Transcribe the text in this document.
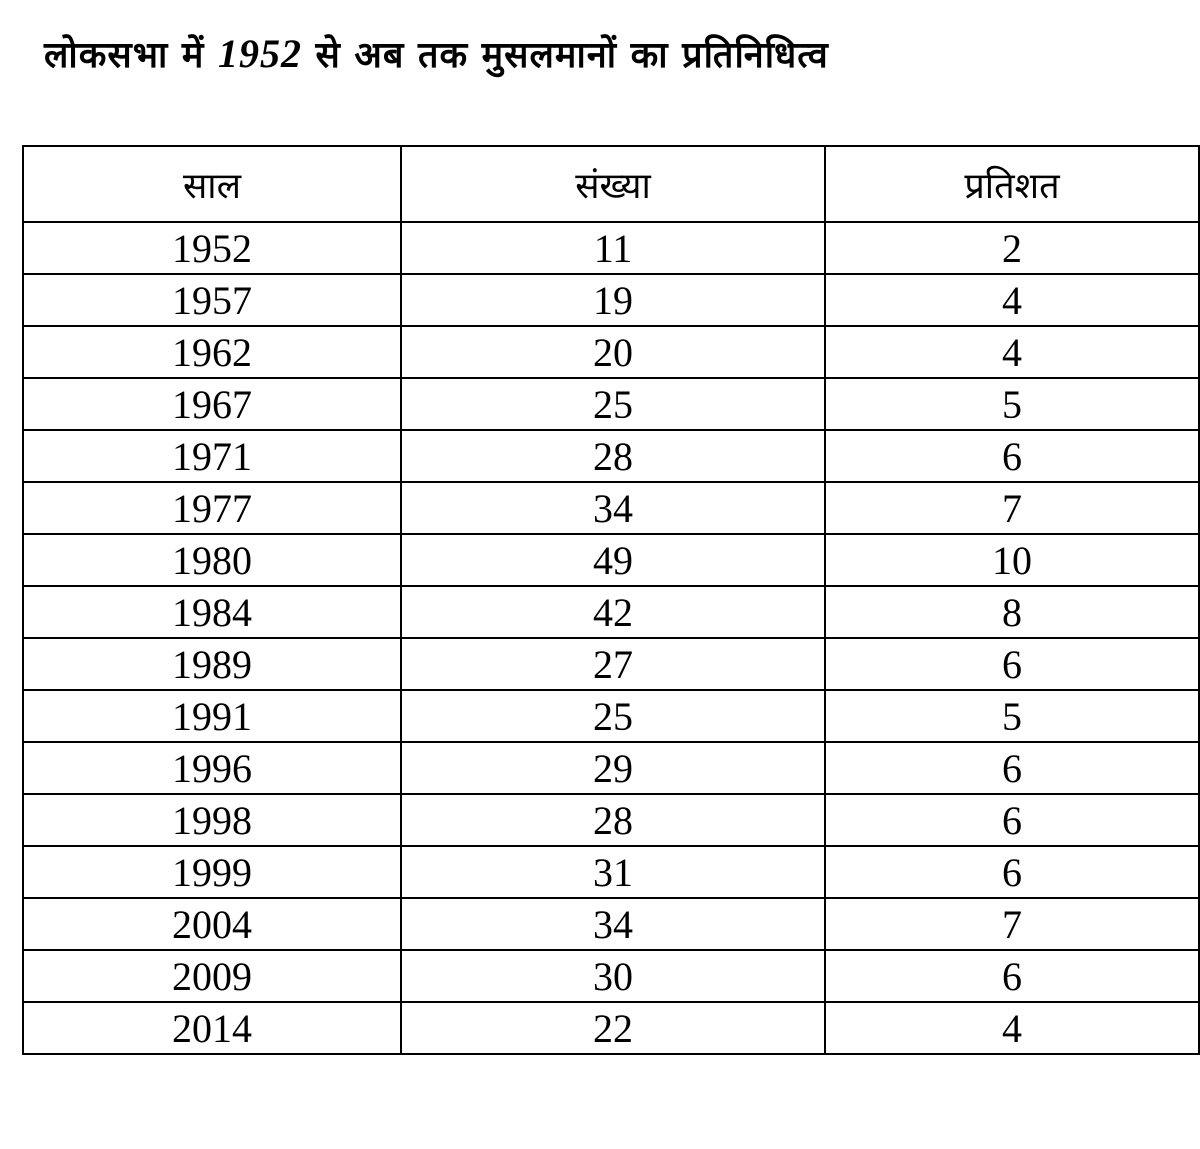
लोकसभा में 1952 से अब तक मुसलमानों का प्रतिनिधित्व
साल	संख्या	प्रतिशत
1952	11	2
1957	19	4
1962	20	4
1967	25	5
1971	28	6
1977	34	7
1980	49	10
1984	42	8
1989	27	6
1991	25	5
1996	29	6
1998	28	6
1999	31	6
2004	34	7
2009	30	6
2014	22	4
